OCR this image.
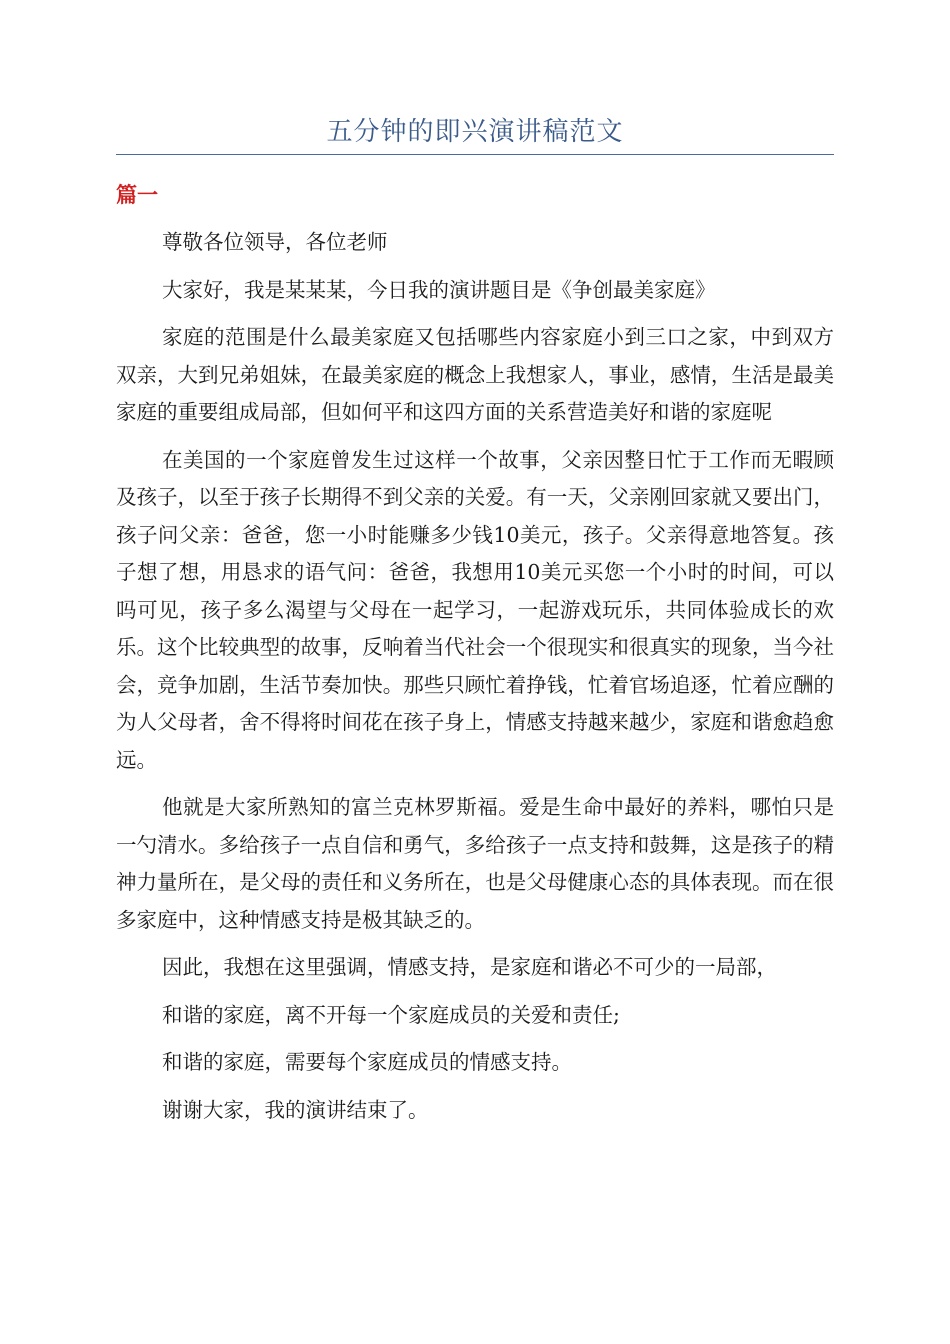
五分钟的即兴演讲稿范文
篇一

尊敬各位领导，各位老师

大家好，我是某某某，今日我的演讲题目是《争创最美家庭》

家庭的范围是什么最美家庭又包括哪些内容家庭小到三口之家，中到双方双亲，大到兄弟姐妹，在最美家庭的概念上我想家人，事业，感情，生活是最美家庭的重要组成局部，但如何平和这四方面的关系营造美好和谐的家庭呢

在美国的一个家庭曾发生过这样一个故事，父亲因整日忙于工作而无暇顾及孩子，以至于孩子长期得不到父亲的关爱。有一天，父亲刚回家就又要出门，孩子问父亲：爸爸，您一小时能赚多少钱10美元，孩子。父亲得意地答复。孩子想了想，用恳求的语气问：爸爸，我想用10美元买您一个小时的时间，可以吗可见，孩子多么渴望与父母在一起学习，一起游戏玩乐，共同体验成长的欢乐。这个比较典型的故事，反响着当代社会一个很现实和很真实的现象，当今社会，竞争加剧，生活节奏加快。那些只顾忙着挣钱，忙着官场追逐，忙着应酬的为人父母者，舍不得将时间花在孩子身上，情感支持越来越少，家庭和谐愈趋愈远。

他就是大家所熟知的富兰克林罗斯福。爱是生命中最好的养料，哪怕只是一勺清水。多给孩子一点自信和勇气，多给孩子一点支持和鼓舞，这是孩子的精神力量所在，是父母的责任和义务所在，也是父母健康心态的具体表现。而在很多家庭中，这种情感支持是极其缺乏的。

因此，我想在这里强调，情感支持，是家庭和谐必不可少的一局部，

和谐的家庭，离不开每一个家庭成员的关爱和责任;

和谐的家庭，需要每个家庭成员的情感支持。

谢谢大家，我的演讲结束了。
